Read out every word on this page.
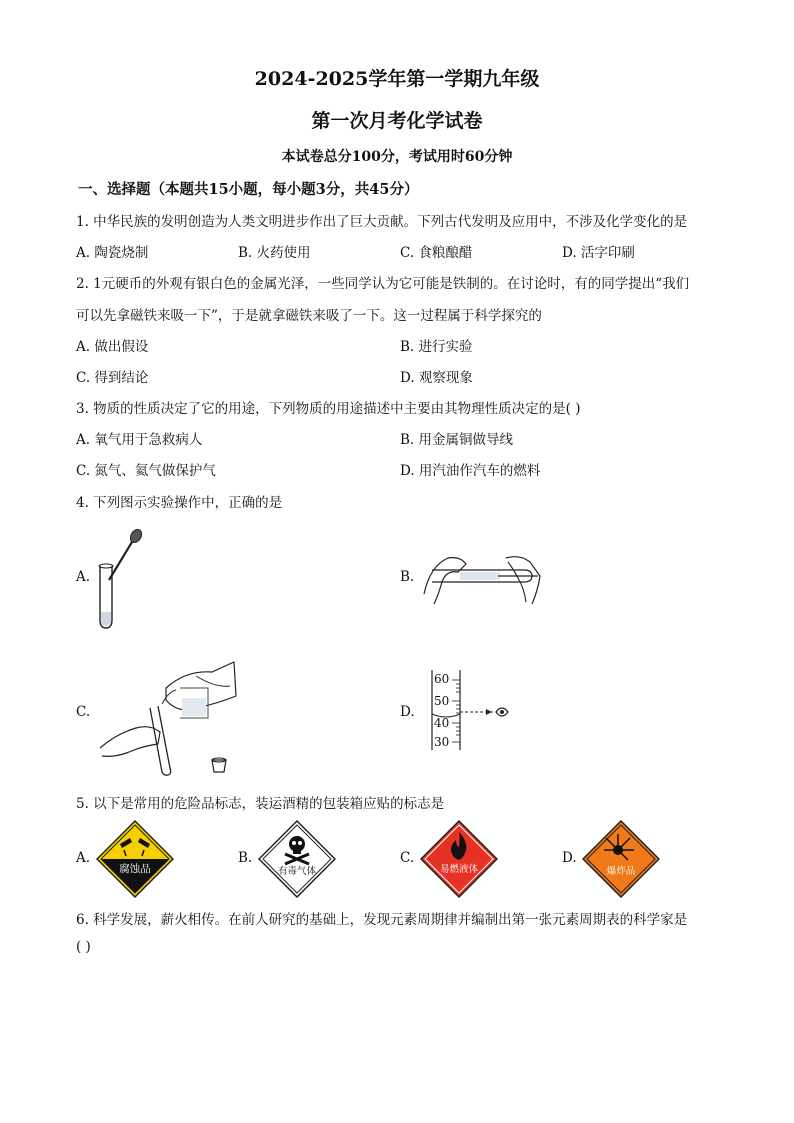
2024-2025学年第一学期九年级
第一次月考化学试卷
本试卷总分100分，考试用时60分钟
一、选择题（本题共15小题，每小题3分，共45分）
1. 中华民族的发明创造为人类文明进步作出了巨大贡献。下列古代发明及应用中，不涉及化学变化的是
A. 陶瓷烧制	B. 火药使用	C. 食粮酿醋	D. 活字印刷
2. 1元硬币的外观有银白色的金属光泽，一些同学认为它可能是铁制的。在讨论时，有的同学提出“我们
可以先拿磁铁来吸一下”，于是就拿磁铁来吸了一下。这一过程属于科学探究的
A. 做出假设	B. 进行实验
C. 得到结论	D. 观察现象
3. 物质的性质决定了它的用途，下列物质的用途描述中主要由其物理性质决定的是( )
A. 氧气用于急救病人	B. 用金属铜做导线
C. 氮气、氦气做保护气	D. 用汽油作汽车的燃料
4. 下列图示实验操作中，正确的是
A.	B.
C.	D.
60
50
40
30
5. 以下是常用的危险品标志，装运酒精的包装箱应贴的标志是
A.	B.	C.	D.
腐蚀品	有毒气体	易燃液体	爆炸品
6. 科学发展，薪火相传。在前人研究的基础上，发现元素周期律并编制出第一张元素周期表的科学家是
( )
